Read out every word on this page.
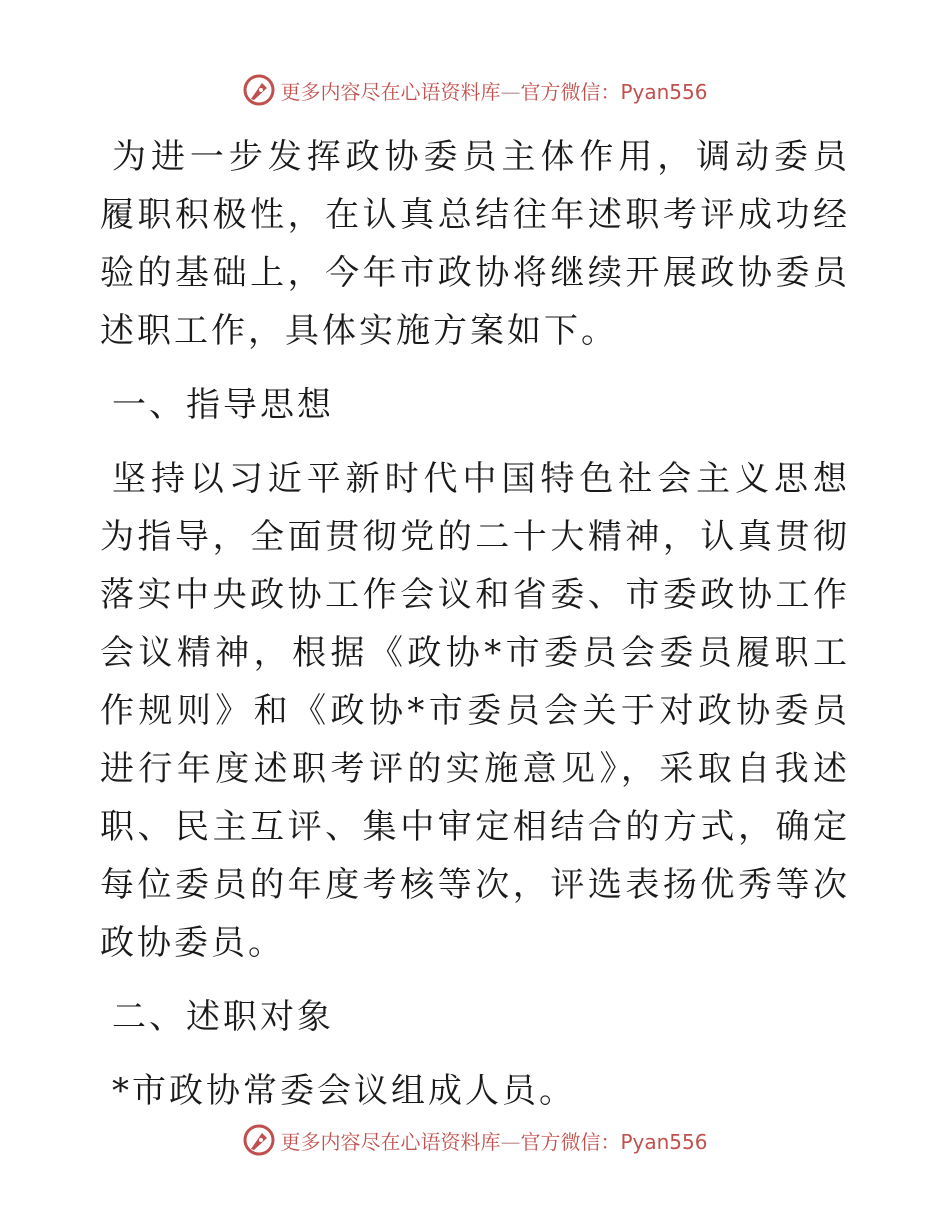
更多内容尽在心语资料库—官方微信：Pyan556

为进一步发挥政协委员主体作用，调动委员履职积极性，在认真总结往年述职考评成功经验的基础上，今年市政协将继续开展政协委员述职工作，具体实施方案如下。

一、指导思想

坚持以习近平新时代中国特色社会主义思想为指导，全面贯彻党的二十大精神，认真贯彻落实中央政协工作会议和省委、市委政协工作会议精神，根据《政协*市委员会委员履职工作规则》和《政协*市委员会关于对政协委员进行年度述职考评的实施意见》，采取自我述职、民主互评、集中审定相结合的方式，确定每位委员的年度考核等次，评选表扬优秀等次政协委员。

二、述职对象

*市政协常委会议组成人员。

更多内容尽在心语资料库—官方微信：Pyan556
